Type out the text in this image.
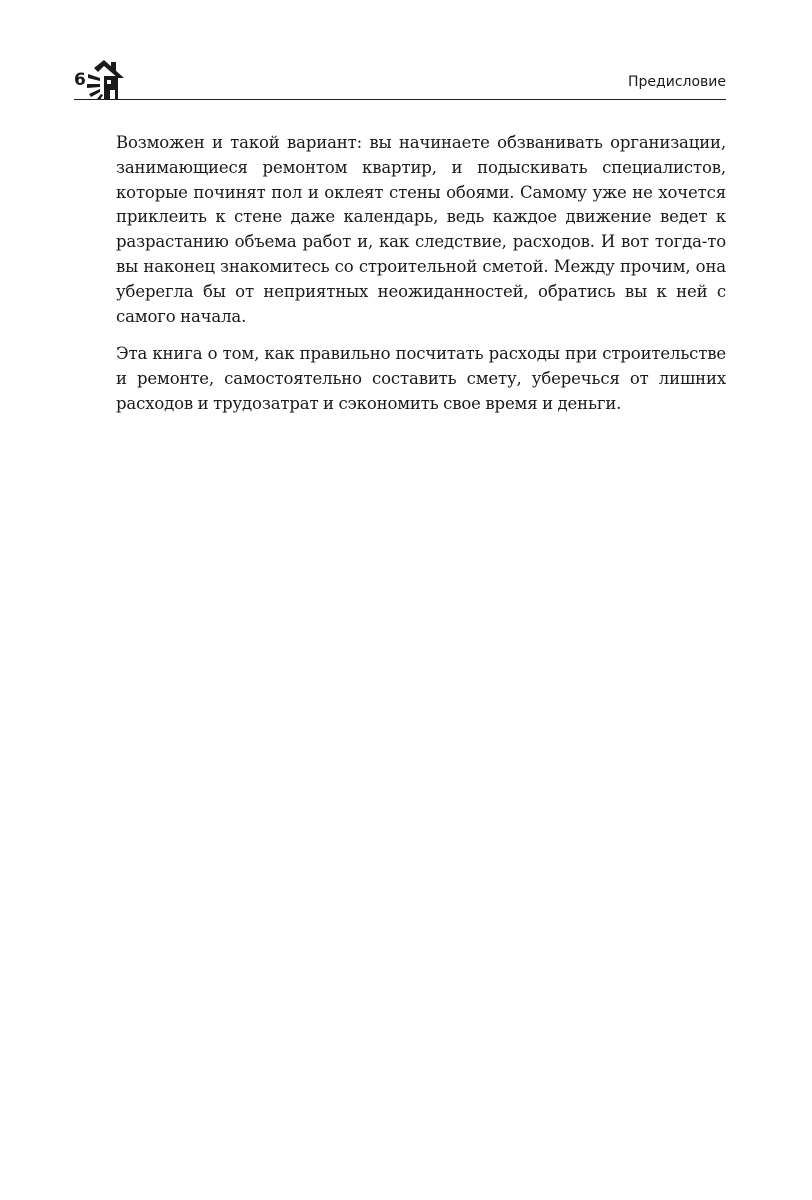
6	Предисловие

Возможен и такой вариант: вы начинаете обзванивать организации, занимающиеся ремонтом квартир, и подыскивать специалистов, которые починят пол и оклеят стены обоями. Самому уже не хочется приклеить к стене даже календарь, ведь каждое движение ведет к разрастанию объема работ и, как следствие, расходов. И вот тогда-то вы наконец знакомитесь со строительной сметой. Между прочим, она уберегла бы от неприятных неожиданностей, обратись вы к ней с самого начала.

Эта книга о том, как правильно посчитать расходы при строительстве и ремонте, самостоятельно составить смету, уберечься от лишних расходов и трудозатрат и сэкономить свое время и деньги.
